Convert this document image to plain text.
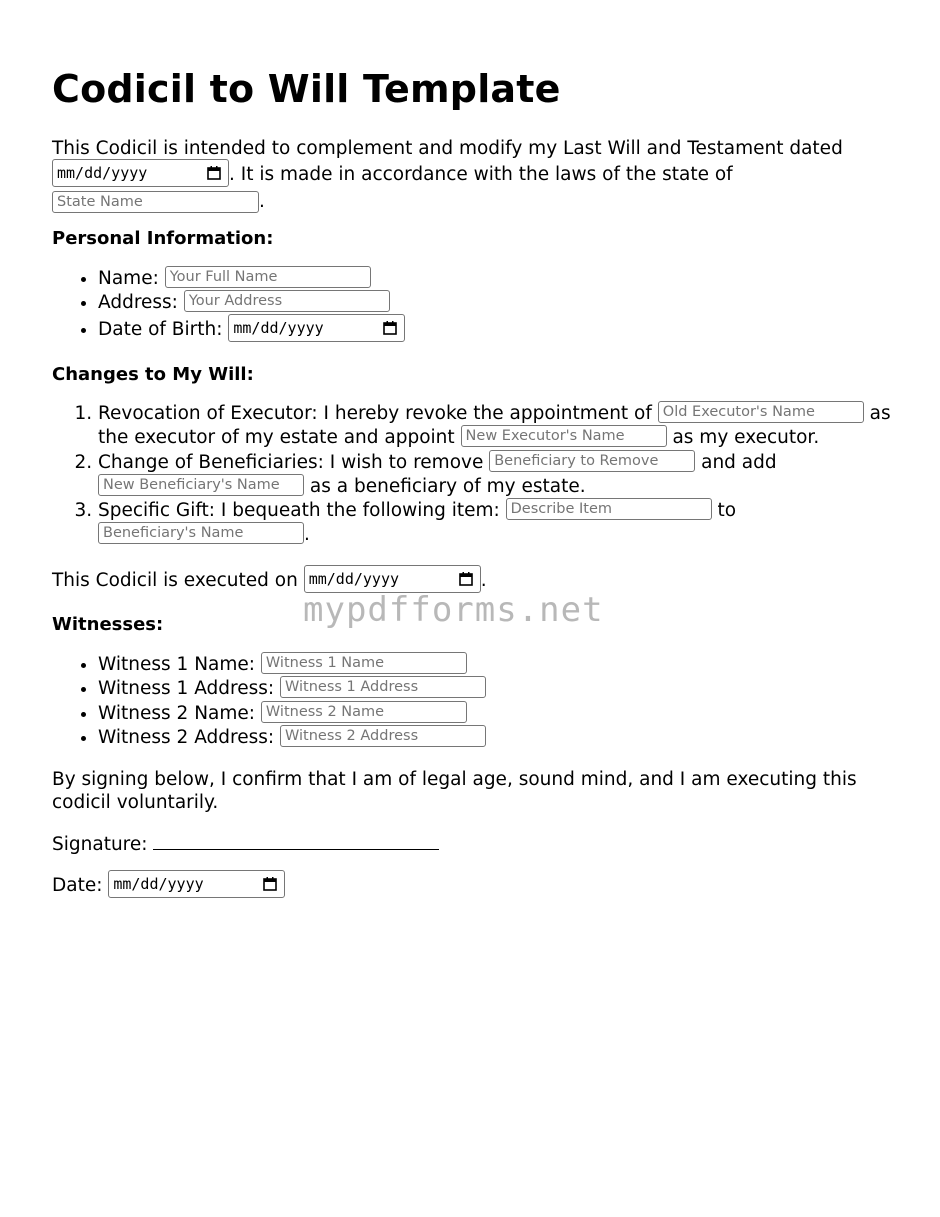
Codicil to Will Template
This Codicil is intended to complement and modify my Last Will and Testament dated
mm/dd/yyyy	. It is made in accordance with the laws of the state of
State Name	.
Personal Information:
• Name: Your Full Name
• Address: Your Address
• Date of Birth: mm/dd/yyyy
Changes to My Will:
1. Revocation of Executor: I hereby revoke the appointment of Old Executor's Name	as the executor of my estate and appoint New Executor's Name	as my executor.
2. Change of Beneficiaries: I wish to remove Beneficiary to Remove and add
New Beneficiary's Name as a beneficiary of my estate.
3. Specific Gift: I bequeath the following item: Describe Item	to
Beneficiary's Name	.
This Codicil is executed on mm/dd/yyyy	.
Witnesses:
• Witness 1 Name: Witness 1 Name
• Witness 1 Address: Witness 1 Address
• Witness 2 Name: Witness 2 Name
• Witness 2 Address: Witness 2 Address
By signing below, I confirm that I am of legal age, sound mind, and I am executing this codicil voluntarily.
Signature:
Date: mm/dd/yyyy
mypdfforms.net
